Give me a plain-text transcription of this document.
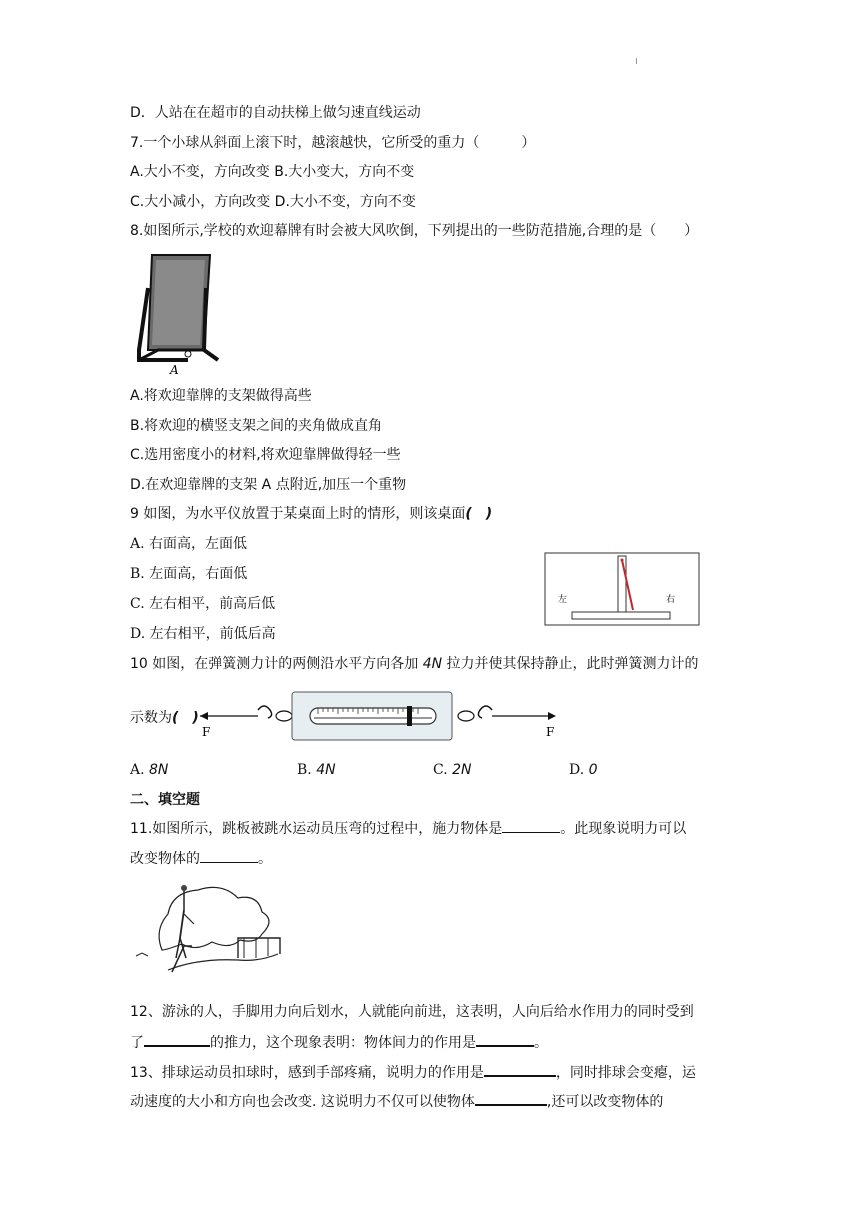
D．人站在在超市的自动扶梯上做匀速直线运动
7.一个小球从斜面上滚下时，越滚越快，它所受的重力（　　　）
A.大小不变，方向改变 B.大小变大，方向不变
C.大小减小，方向改变 D.大小不变，方向不变
8.如图所示,学校的欢迎幕牌有时会被大风吹倒，下列提出的一些防范措施,合理的是（　　）
A
A.将欢迎靠牌的支架做得高些
B.将欢迎的横竖支架之间的夹角做成直角
C.选用密度小的材料,将欢迎靠牌做得轻一些
D.在欢迎靠牌的支架 A 点附近,加压一个重物
9 如图，为水平仪放置于某桌面上时的情形，则该桌面(　)
A. 右面高，左面低
B. 左面高，右面低
C. 左右相平，前高后低
D. 左右相平，前低后高
左	右
10 如图，在弹簧测力计的两侧沿水平方向各加 4N 拉力并使其保持静止，此时弹簧测力计的
示数为(　)
F	F
A. 8N	B. 4N	C. 2N	D. 0
二、填空题
11.如图所示，跳板被跳水运动员压弯的过程中，施力物体是	。此现象说明力可以
改变物体的	。
12、游泳的人，手脚用力向后划水，人就能向前进，这表明，人向后给水作用力的同时受到
了	的推力，这个现象表明：物体间力的作用是	。
13、排球运动员扣球时，感到手部疼痛，说明力的作用是	，同时排球会变瘪，运
动速度的大小和方向也会改变. 这说明力不仅可以使物体	,还可以改变物体的
